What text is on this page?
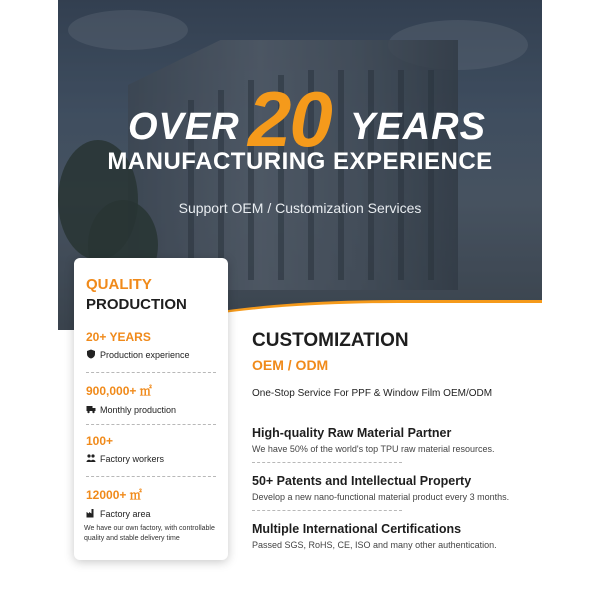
OVER 20 YEARS
MANUFACTURING EXPERIENCE
Support OEM / Customization Services
QUALITY
PRODUCTION
20+ YEARS
Production experience
900,000+ ㎡
Monthly production
100+
Factory workers
12000+ ㎡
Factory area
We have our own factory, with controllable quality and stable delivery time
CUSTOMIZATION
OEM / ODM
One-Stop Service For PPF & Window Film OEM/ODM
High-quality Raw Material Partner
We have 50% of the world's top TPU raw material resources.
50+ Patents and Intellectual Property
Develop a new nano-functional material product every 3 months.
Multiple International Certifications
Passed SGS, RoHS, CE, ISO and many other authentication.
